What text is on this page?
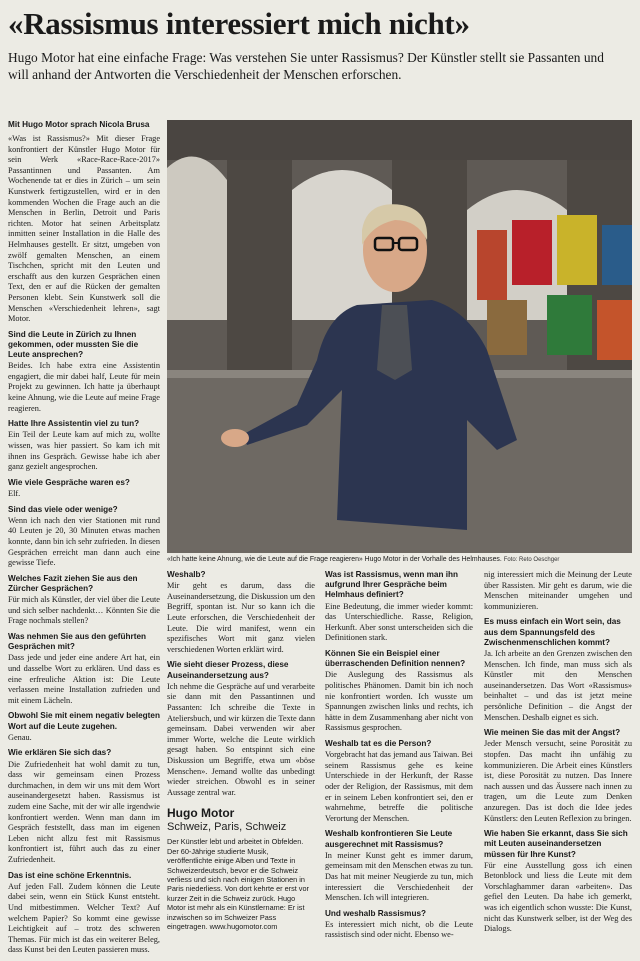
«Rassismus interessiert mich nicht»
Hugo Motor hat eine einfache Frage: Was verstehen Sie unter Rassismus? Der Künstler stellt sie Passanten und will anhand der Antworten die Verschiedenheit der Menschen erforschen.
Mit Hugo Motor sprach Nicola Brusa

«Was ist Rassismus?» Mit dieser Frage konfrontiert der Künstler Hugo Motor für sein Werk «Race-Race-Race-2017» Passantinnen und Passanten. Am Wochenende tat er dies in Zürich – um sein Kunstwerk fertigzustellen, wird er in den kommenden Wochen die Frage auch an die Menschen in Berlin, Detroit und Paris richten. Motor hat seinen Arbeitsplatz inmitten seiner Installation in die Halle des Helmhauses gestellt. Er sitzt, umgeben von zwölf gemalten Menschen, an einem Tischchen, spricht mit den Leuten und erschafft aus den kurzen Gesprächen einen Text, den er auf die Rücken der gemalten Personen klebt. Sein Kunstwerk soll die Menschen «Verschiedenheit lehren», sagt Motor.

Sind die Leute in Zürich zu Ihnen gekommen, oder mussten Sie die Leute ansprechen?

Beides. Ich habe extra eine Assistentin engagiert, die mir dabei half, Leute für mein Projekt zu gewinnen. Ich hatte ja überhaupt keine Ahnung, wie die Leute auf meine Frage reagieren.

Hatte Ihre Assistentin viel zu tun?

Ein Teil der Leute kam auf mich zu, wollte wissen, was hier passiert. So kam ich mit ihnen ins Gespräch. Gewisse habe ich aber ganz gezielt angesprochen.

Wie viele Gespräche waren es?

Elf.

Sind das viele oder wenige?

Wenn ich nach den vier Stationen mit rund 40 Leuten je 20, 30 Minuten etwas machen konnte, dann bin ich sehr zufrieden. In diesen Gesprächen erreicht man dann auch eine gewisse Tiefe.

Welches Fazit ziehen Sie aus den Zürcher Gesprächen?

Für mich als Künstler, der viel über die Leute und sich selber nachdenkt… Könnten Sie die Frage nochmals stellen?

Was nehmen Sie aus den geführten Gesprächen mit?

Dass jede und jeder eine andere Art hat, ein und dasselbe Wort zu erklären. Und dass es eine erfreuliche Aktion ist: Die Leute verlassen meine Installation zufrieden und mit einem Lächeln.

Obwohl Sie mit einem negativ belegten Wort auf die Leute zugehen.

Genau.

Wie erklären Sie sich das?

Die Zufriedenheit hat wohl damit zu tun, dass wir gemeinsam einen Prozess durchmachen, in dem wir uns mit dem Wort auseinandergesetzt haben. Rassismus ist zudem eine Sache, mit der wir alle irgendwie konfrontiert werden. Wenn man dann im Gespräch feststellt, dass man im eigenen Leben nicht allzu fest mit Rassismus konfrontiert ist, führt auch das zu einer Zufriedenheit.

Das ist eine schöne Erkenntnis.

Auf jeden Fall. Zudem können die Leute dabei sein, wenn ein Stück Kunst entsteht. Und mitbestimmen. Welcher Text? Auf welchem Papier? So kommt eine gewisse Leichtigkeit auf – trotz des schweren Themas. Für mich ist das ein weiterer Beleg, dass Kunst bei den Leuten passieren muss.

«Ich hatte keine Ahnung, wie die Leute auf die Frage reagieren» Hugo Motor in der Vorhalle des Helmhauses. Foto: Reto Oeschger
Weshalb?

Mir geht es darum, dass die Auseinandersetzung, die Diskussion um den Begriff, spontan ist. Nur so kann ich die Leute erforschen, die Verschiedenheit der Leute. Die wird manifest, wenn ein spezifisches Wort mit ganz vielen verschiedenen Worten erklärt wird.

Wie sieht dieser Prozess, diese Auseinandersetzung aus?

Ich nehme die Gespräche auf und verarbeite sie dann mit den Passantinnen und Passanten: Ich schreibe die Texte in Ateliersbuch, und wir kürzen die Texte dann gemeinsam. Dabei verwenden wir aber immer Worte, welche die Leute wirklich gesagt haben. So entspinnt sich eine Diskussion um Begriffe, etwa um «böse Menschen». Jemand wollte das unbedingt wieder streichen. Obwohl es in seiner Aussage zentral war.

Hugo Motor
Schweiz, Paris, Schweiz
Der Künstler lebt und arbeitet in Obfelden. Der 60-Jährige studierte Musik, veröffentlichte einige Alben und Texte in Schweizerdeutsch, bevor er die Schweiz verliess und sich nach einigen Stationen in Paris niederliess. Von dort kehrte er erst vor kurzer Zeit in die Schweiz zurück. Hugo Motor ist mehr als ein Künstlername: Er ist inzwischen so im Schweizer Pass eingetragen. www.hugomotor.com
Was ist Rassismus, wenn man ihn aufgrund Ihrer Gespräche beim Helmhaus definiert?

Eine Bedeutung, die immer wieder kommt: das Unterschiedliche. Rasse, Religion, Herkunft. Aber sonst unterscheiden sich die Definitionen stark.

Können Sie ein Beispiel einer überraschenden Definition nennen?

Die Auslegung des Rassismus als politisches Phänomen. Damit bin ich noch nie konfrontiert worden. Ich wusste um Spannungen zwischen links und rechts, ich hätte in dem Zusammenhang aber nicht von Rassismus gesprochen.

Weshalb tat es die Person?

Vorgebracht hat das jemand aus Taiwan. Bei seinem Rassismus gehe es keine Unterschiede in der Herkunft, der Rasse oder der Religion, der Rassismus, mit dem er in seinem Leben konfrontiert sei, den er wahrnehme, betreffe die politische Verortung der Menschen.

Weshalb konfrontieren Sie Leute ausgerechnet mit Rassismus?

In meiner Kunst geht es immer darum, gemeinsam mit den Menschen etwas zu tun. Das hat mit meiner Neugierde zu tun, mich interessiert die Verschiedenheit der Menschen. Ich will integrieren.

Und weshalb Rassismus?

Es interessiert mich nicht, ob die Leute rassistisch sind oder nicht. Ebenso we-

nig interessiert mich die Meinung der Leute über Rassisten. Mir geht es darum, wie die Menschen miteinander umgehen und kommunizieren.

Es muss einfach ein Wort sein, das aus dem Spannungsfeld des Zwischenmenschlichen kommt?

Ja. Ich arbeite an den Grenzen zwischen den Menschen. Ich finde, man muss sich als Künstler mit den Menschen auseinandersetzen. Das Wort «Rassismus» beinhaltet – und das ist jetzt meine persönliche Definition – die Angst der Menschen. Deshalb eignet es sich.

Wie meinen Sie das mit der Angst?

Jeder Mensch versucht, seine Porosität zu stopfen. Das macht ihn unfähig zu kommunizieren. Die Arbeit eines Künstlers ist, diese Porosität zu nutzen. Das Innere nach aussen und das Äussere nach innen zu tragen, um die Leute zum Denken anzuregen. Das ist doch die Idee jedes Künstlers: den Leuten Reflexion zu bringen.

Wie haben Sie erkannt, dass Sie sich mit Leuten auseinandersetzen müssen für Ihre Kunst?

Für eine Ausstellung goss ich einen Betonblock und liess die Leute mit dem Vorschlaghammer daran «arbeiten». Das gefiel den Leuten. Da habe ich gemerkt, was ich eigentlich schon wusste: Die Kunst, nicht das Kunstwerk selber, ist der Weg des Dialogs.
